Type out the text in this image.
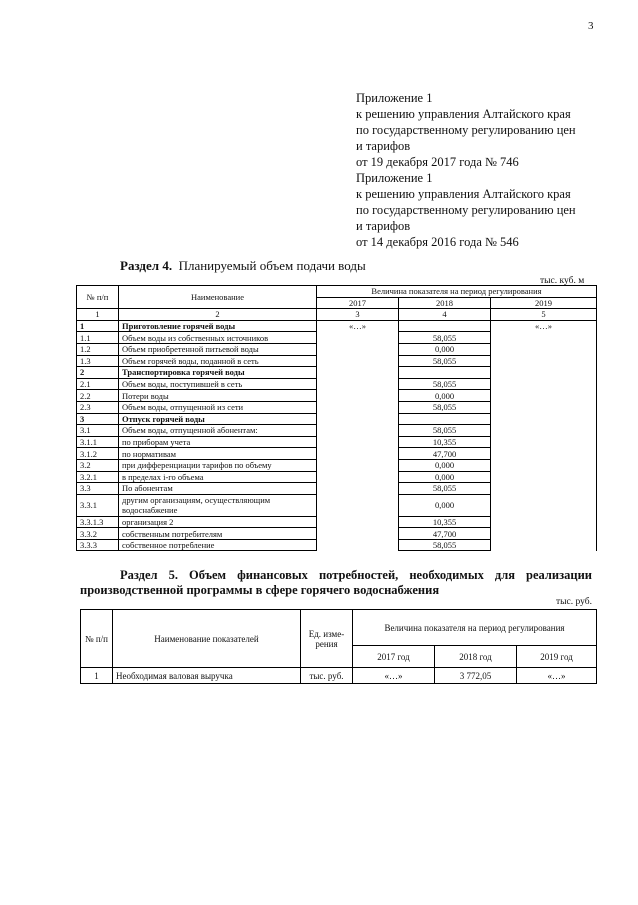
3
Приложение 1
к решению управления Алтайского края
по государственному регулированию цен
и тарифов
от 19 декабря 2017 года № 746
Приложение 1
к решению управления Алтайского края
по государственному регулированию цен
и тарифов
от 14 декабря 2016 года № 546
Раздел 4.  Планируемый объем подачи воды
тыс. куб. м
№ п/п	Наименование	Величина показателя на период регулирования		
		2017	2018	2019
1	2	3	4	5
1	Приготовление горячей воды	«…»		«…»
1.1	Объем воды из собственных источников		58,055	
1.2	Объем приобретенной питьевой воды		0,000	
1.3	Объем горячей воды, поданной в сеть		58,055	
2	Транспортировка горячей воды			
2.1	Объем воды, поступившей в сеть		58,055	
2.2	Потери воды		0,000	
2.3	Объем воды, отпущенной из сети		58,055	
3	Отпуск горячей воды			
3.1	Объем воды, отпущенной абонентам:		58,055	
3.1.1	по приборам учета		10,355	
3.1.2	по нормативам		47,700	
3.2	при дифференциации тарифов по объему		0,000	
3.2.1	в пределах i-го объема		0,000	
3.3	По абонентам		58,055	
3.3.1	другим организациям, осуществляющим водоснабжение		0,000	
3.3.1.3	организация 2		10,355	
3.3.2	собственным потребителям		47,700	
3.3.3	собственное потребление		58,055	
Раздел 5. Объем финансовых потребностей, необходимых для реализации производственной программы в сфере горячего водоснабжения
тыс. руб.
№ п/п	Наименование показателей	Ед. изме-рения	Величина показателя на период регулирования		
			2017 год	2018 год	2019 год
1	Необходимая валовая выручка	тыс. руб.	«…»	3 772,05	«…»
